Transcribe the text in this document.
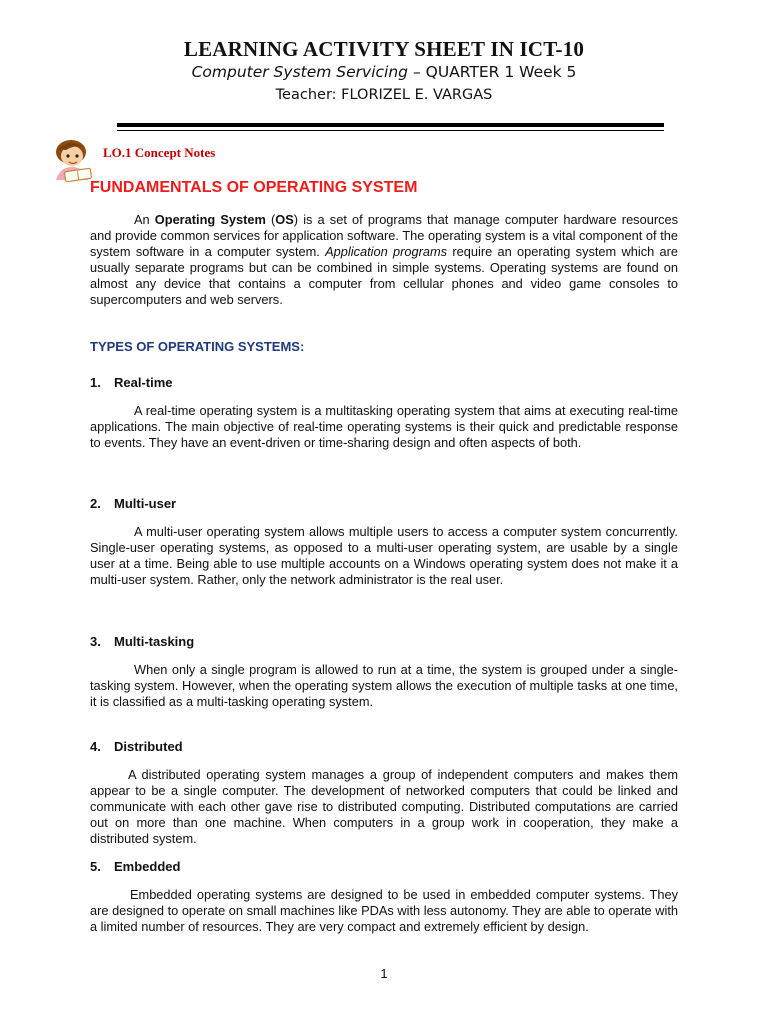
LEARNING ACTIVITY SHEET IN ICT-10
Computer System Servicing – QUARTER 1 Week 5
Teacher: FLORIZEL E. VARGAS
LO.1 Concept Notes
FUNDAMENTALS OF OPERATING SYSTEM
An Operating System (OS) is a set of programs that manage computer hardware resources and provide common services for application software. The operating system is a vital component of the system software in a computer system. Application programs require an operating system which are usually separate programs but can be combined in simple systems. Operating systems are found on almost any device that contains a computer from cellular phones and video game consoles to supercomputers and web servers.
TYPES OF OPERATING SYSTEMS:
1. Real-time
A real-time operating system is a multitasking operating system that aims at executing real-time applications. The main objective of real-time operating systems is their quick and predictable response to events. They have an event-driven or time-sharing design and often aspects of both.
2. Multi-user
A multi-user operating system allows multiple users to access a computer system concurrently. Single-user operating systems, as opposed to a multi-user operating system, are usable by a single user at a time. Being able to use multiple accounts on a Windows operating system does not make it a multi-user system. Rather, only the network administrator is the real user.
3. Multi-tasking
When only a single program is allowed to run at a time, the system is grouped under a single-tasking system. However, when the operating system allows the execution of multiple tasks at one time, it is classified as a multi-tasking operating system.
4. Distributed
A distributed operating system manages a group of independent computers and makes them appear to be a single computer. The development of networked computers that could be linked and communicate with each other gave rise to distributed computing. Distributed computations are carried out on more than one machine. When computers in a group work in cooperation, they make a distributed system.
5. Embedded
Embedded operating systems are designed to be used in embedded computer systems. They are designed to operate on small machines like PDAs with less autonomy. They are able to operate with a limited number of resources. They are very compact and extremely efficient by design.
1
